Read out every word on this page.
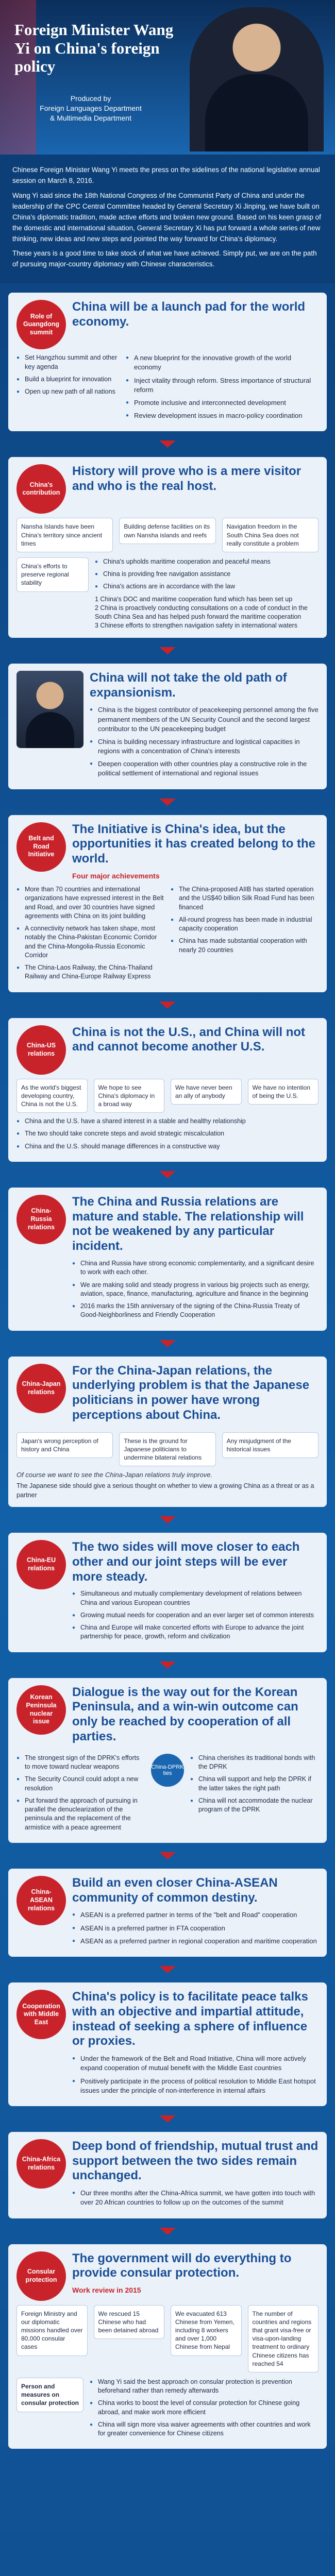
Foreign Minister Wang Yi on China's foreign policy
Produced by
Foreign Languages Department
& Multimedia Department

Chinese Foreign Minister Wang Yi meets the press on the sidelines of the national legislative annual session on March 8, 2016.

Wang Yi said since the 18th National Congress of the Communist Party of China and under the leadership of the CPC Central Committee headed by General Secretary Xi Jinping, we have built on China's diplomatic tradition, made active efforts and broken new ground. Based on his keen grasp of the domestic and international situation, General Secretary Xi has put forward a whole series of new thinking, new ideas and new steps and pointed the way forward for China's diplomacy.

These years is a good time to take stock of what we have achieved. Simply put, we are on the path of pursuing major-country diplomacy with Chinese characteristics.

Role of Guangdong summit
China will be a launch pad for the world economy.
● Set Hangzhou summit and other key agenda
● Build a blueprint for innovation
● Open up new path of all nations
● A new blueprint for the innovative growth of the world economy
● Inject vitality through reform. Stress importance of structural reform
● Promote inclusive and interconnected development
● Review development issues in macro-policy coordination
China's contribution
History will prove who is a mere visitor and who is the real host.
Nansha Islands have been China's territory since ancient times
Building defense facilities on its own Nansha islands and reefs
Navigation freedom in the South China Sea does not really constitute a problem
China's efforts to preserve regional stability
● China's upholds maritime cooperation and peaceful means
● China is providing free navigation assistance
● China's actions are in accordance with the law
1 China's DOC and maritime cooperation fund which has been set up
2 China is proactively conducting consultations on a code of conduct in the South China Sea and has helped push forward the maritime cooperation
3 Chinese efforts to strengthen navigation safety in international waters
China will not take the old path of expansionism.
● China is the biggest contributor of peacekeeping personnel among the five permanent members of the UN Security Council and the second largest contributor to the UN peacekeeping budget
● China is building necessary infrastructure and logistical capacities in regions with a concentration of China's interests
● Deepen cooperation with other countries play a constructive role in the political settlement of international and regional issues
Belt and Road Initiative
The Initiative is China's idea, but the opportunities it has created belong to the world.
Four major achievements
● More than 70 countries and international organizations have expressed interest in the Belt and Road, and over 30 countries have signed agreements with China on its joint building
● A connectivity network has taken shape, most notably the China-Pakistan Economic Corridor and the China-Mongolia-Russia Economic Corridor
● The China-Laos Railway, the China-Thailand Railway and China-Europe Railway Express
● The China-proposed AIIB has started operation and the US$40 billion Silk Road Fund has been financed
● All-round progress has been made in industrial capacity cooperation
● China has made substantial cooperation with nearly 20 countries
China-US relations
China is not the U.S., and China will not and cannot become another U.S.
As the world's biggest developing country, China is not the U.S.
We hope to see China's diplomacy in a broad way
We have never been an ally of anybody
We have no intention of being the U.S.
● China and the U.S. have a shared interest in a stable and healthy relationship
● The two should take concrete steps and avoid strategic miscalculation
● China and the U.S. should manage differences in a constructive way
China-Russia relations
The China and Russia relations are mature and stable. The relationship will not be weakened by any particular incident.
● China and Russia have strong economic complementarity, and a significant desire to work with each other.
● We are making solid and steady progress in various big projects such as energy, aviation, space, finance, manufacturing, agriculture and finance in the beginning
● 2016 marks the 15th anniversary of the signing of the China-Russia Treaty of Good-Neighborliness and Friendly Cooperation
China-Japan relations
For the China-Japan relations, the underlying problem is that the Japanese politicians in power have wrong perceptions about China.
Japan's wrong perception of history and China
These is the ground for Japanese politicians to undermine bilateral relations
Any misjudgment of the historical issues
Of course we want to see the China-Japan relations truly improve.
The Japanese side should give a serious thought on whether to view a growing China as a threat or as a partner
China-EU relations
The two sides will move closer to each other and our joint steps will be ever more steady.
● Simultaneous and mutually complementary development of relations between China and various European countries
● Growing mutual needs for cooperation and an ever larger set of common interests
● China and Europe will make concerted efforts with Europe to advance the joint partnership for peace, growth, reform and civilization
Korean Peninsula nuclear issue
Dialogue is the way out for the Korean Peninsula, and a win-win outcome can only be reached by cooperation of all parties.
● The strongest sign of the DPRK's efforts to move toward nuclear weapons
● The Security Council could adopt a new resolution
● Put forward the approach of pursuing in parallel the denuclearization of the peninsula and the replacement of the armistice with a peace agreement
China-DPRK ties
● China cherishes its traditional bonds with the DPRK
● China will support and help the DPRK if the latter takes the right path
● China will not accommodate the nuclear program of the DPRK
China-ASEAN relations
Build an even closer China-ASEAN community of common destiny.
● ASEAN is a preferred partner in terms of the "belt and Road" cooperation
● ASEAN is a preferred partner in FTA cooperation
● ASEAN as a preferred partner in regional cooperation and maritime cooperation
Cooperation with Middle East
China's policy is to facilitate peace talks with an objective and impartial attitude, instead of seeking a sphere of influence or proxies.
● Under the framework of the Belt and Road Initiative, China will more actively expand cooperation of mutual benefit with the Middle East countries
● Positively participate in the process of political resolution to Middle East hotspot issues under the principle of non-interference in internal affairs
China-Africa relations
Deep bond of friendship, mutual trust and support between the two sides remain unchanged.
● Our three months after the China-Africa summit, we have gotten into touch with over 20 African countries to follow up on the outcomes of the summit
Consular protection
The government will do everything to provide consular protection.
Work review in 2015
Foreign Ministry and our diplomatic missions handled over 80,000 consular cases
We rescued 15 Chinese who had been detained abroad
We evacuated 613 Chinese from Yemen, including 8 workers and over 1,000 Chinese from Nepal
The number of countries and regions that grant visa-free or visa-upon-landing treatment to ordinary Chinese citizens has reached 54
Person and measures on consular protection
● Wang Yi said the best approach on consular protection is prevention beforehand rather than remedy afterwards
● China works to boost the level of consular protection for Chinese going abroad, and make work more efficient
● China will sign more visa waiver agreements with other countries and work for greater convenience for Chinese citizens
